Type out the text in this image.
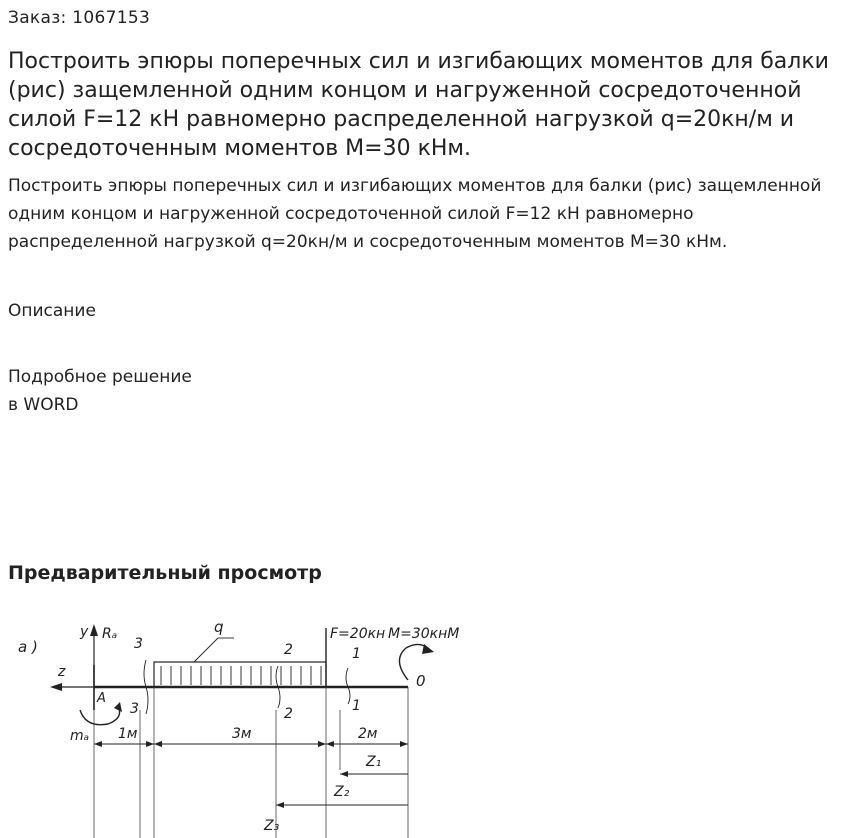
Заказ: 1067153
Построить эпюры поперечных сил и изгибающих моментов для балки (рис) защемленной одним концом и нагруженной сосредоточенной силой F=12 кН равномерно распределенной нагрузкой q=20кн/м и сосредоточенным моментов М=30 кНм.

Построить эпюры поперечных сил и изгибающих моментов для балки (рис) защемленной одним концом и нагруженной сосредоточенной силой F=12 кН равномерно распределенной нагрузкой q=20кн/м и сосредоточенным моментов М=30 кНм.

Описание
Подробное решение
в WORD
Предварительный просмотр
а )
y Rₐ
z
A
mₐ
q	F=20кн M=30кнМ
0
3
3
2
2
1
1
1м	3м	2м
Z₁
Z₂
Z₃
